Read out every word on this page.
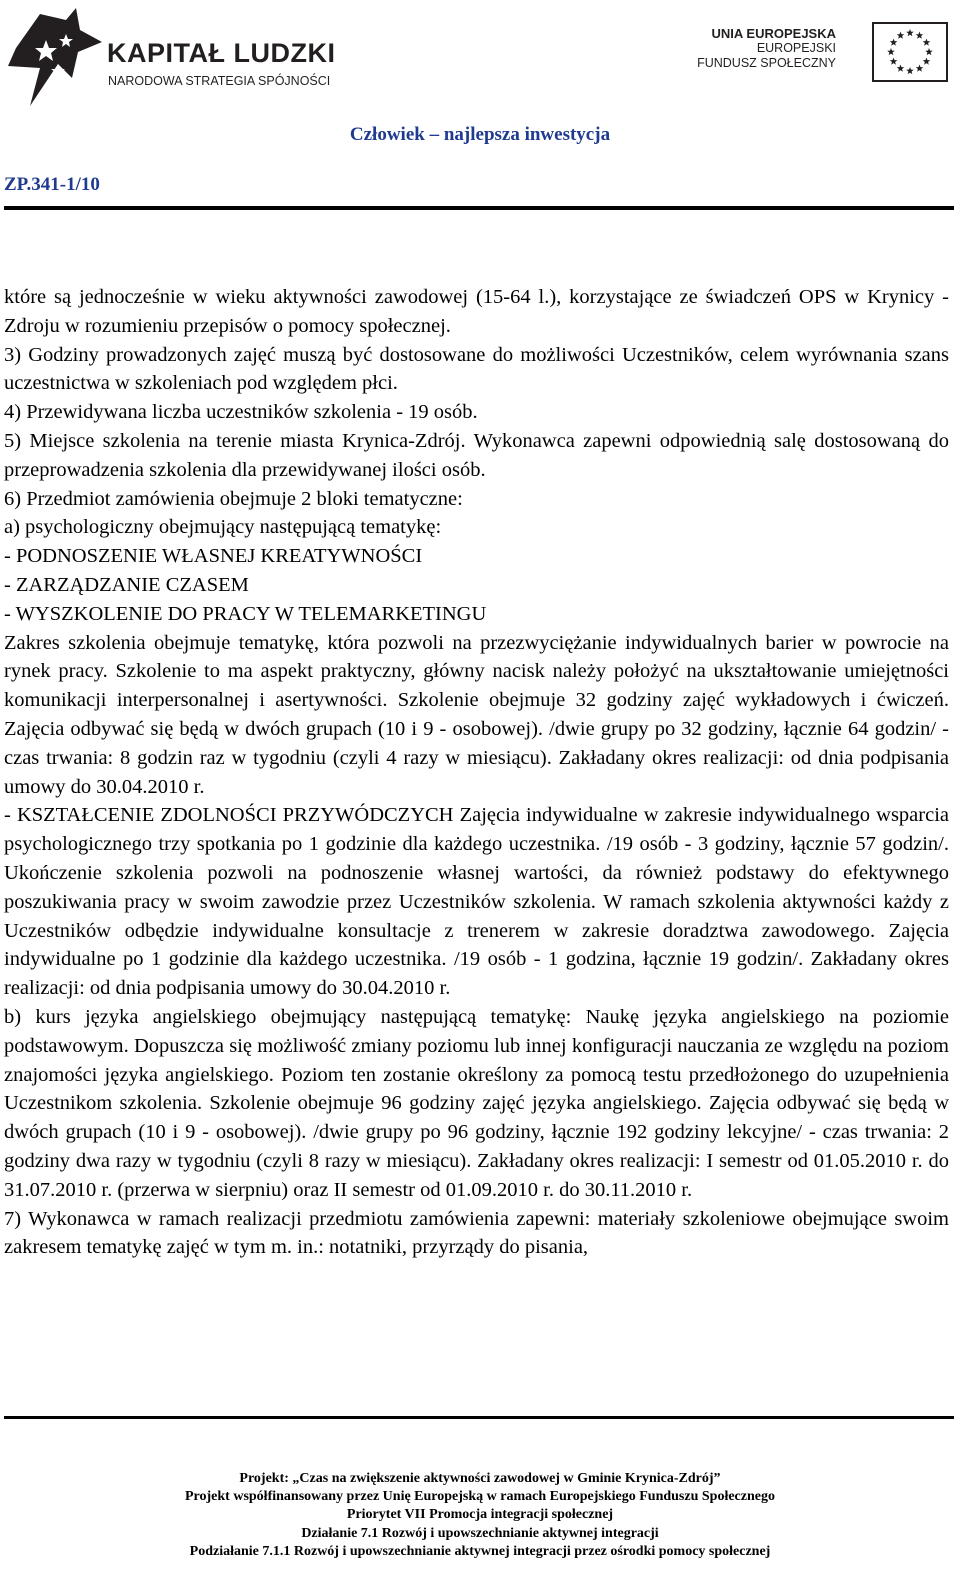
KAPITAŁ LUDZKI
NARODOWA STRATEGIA SPÓJNOŚCI
UNIA EUROPEJSKA
EUROPEJSKI
FUNDUSZ SPOŁECZNY
Człowiek – najlepsza inwestycja
ZP.341-1/10

które są jednocześnie w wieku aktywności zawodowej (15-64 l.), korzystające ze świadczeń OPS w Krynicy - Zdroju w rozumieniu przepisów o pomocy społecznej.

3) Godziny prowadzonych zajęć muszą być dostosowane do możliwości Uczestników, celem wyrównania szans uczestnictwa w szkoleniach pod względem płci.

4) Przewidywana liczba uczestników szkolenia - 19 osób.

5) Miejsce szkolenia na terenie miasta Krynica-Zdrój. Wykonawca zapewni odpowiednią salę dostosowaną do przeprowadzenia szkolenia dla przewidywanej ilości osób.

6) Przedmiot zamówienia obejmuje 2 bloki tematyczne:

a) psychologiczny obejmujący następującą tematykę:

- PODNOSZENIE WŁASNEJ KREATYWNOŚCI

- ZARZĄDZANIE CZASEM

- WYSZKOLENIE DO PRACY W TELEMARKETINGU

Zakres szkolenia obejmuje tematykę, która pozwoli na przezwyciężanie indywidualnych barier w powrocie na rynek pracy. Szkolenie to ma aspekt praktyczny, główny nacisk należy położyć na ukształtowanie umiejętności komunikacji interpersonalnej i asertywności. Szkolenie obejmuje 32 godziny zajęć wykładowych i ćwiczeń. Zajęcia odbywać się będą w dwóch grupach (10 i 9 - osobowej). /dwie grupy po 32 godziny, łącznie 64 godzin/ - czas trwania: 8 godzin raz w tygodniu (czyli 4 razy w miesiącu). Zakładany okres realizacji: od dnia podpisania umowy do 30.04.2010 r.

- KSZTAŁCENIE ZDOLNOŚCI PRZYWÓDCZYCH Zajęcia indywidualne w zakresie indywidualnego wsparcia psychologicznego trzy spotkania po 1 godzinie dla każdego uczestnika. /19 osób - 3 godziny, łącznie 57 godzin/. Ukończenie szkolenia pozwoli na podnoszenie własnej wartości, da również podstawy do efektywnego poszukiwania pracy w swoim zawodzie przez Uczestników szkolenia. W ramach szkolenia aktywności każdy z Uczestników odbędzie indywidualne konsultacje z trenerem w zakresie doradztwa zawodowego. Zajęcia indywidualne po 1 godzinie dla każdego uczestnika. /19 osób - 1 godzina, łącznie 19 godzin/. Zakładany okres realizacji: od dnia podpisania umowy do 30.04.2010 r.

b) kurs języka angielskiego obejmujący następującą tematykę: Naukę języka angielskiego na poziomie podstawowym. Dopuszcza się możliwość zmiany poziomu lub innej konfiguracji nauczania ze względu na poziom znajomości języka angielskiego. Poziom ten zostanie określony za pomocą testu przedłożonego do uzupełnienia Uczestnikom szkolenia. Szkolenie obejmuje 96 godziny zajęć języka angielskiego. Zajęcia odbywać się będą w dwóch grupach (10 i 9 - osobowej). /dwie grupy po 96 godziny, łącznie 192 godziny lekcyjne/ - czas trwania: 2 godziny dwa razy w tygodniu (czyli 8 razy w miesiącu). Zakładany okres realizacji: I semestr od 01.05.2010 r. do 31.07.2010 r. (przerwa w sierpniu) oraz II semestr od 01.09.2010 r. do 30.11.2010 r.

7) Wykonawca w ramach realizacji przedmiotu zamówienia zapewni: materiały szkoleniowe obejmujące swoim zakresem tematykę zajęć w tym m. in.: notatniki, przyrządy do pisania,

Projekt: „Czas na zwiększenie aktywności zawodowej w Gminie Krynica-Zdrój”
Projekt współfinansowany przez Unię Europejską w ramach Europejskiego Funduszu Społecznego
Priorytet VII Promocja integracji społecznej
Działanie 7.1 Rozwój i upowszechnianie aktywnej integracji
Podziałanie 7.1.1 Rozwój i upowszechnianie aktywnej integracji przez ośrodki pomocy społecznej
